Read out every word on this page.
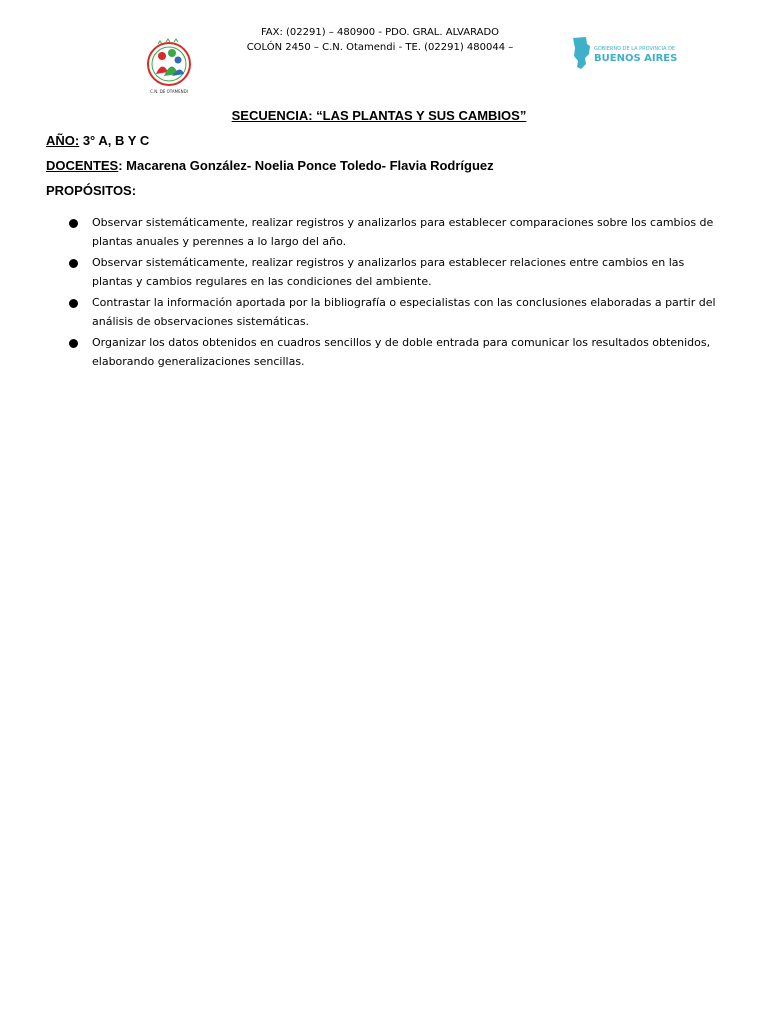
C.N. DE OTAMENDI
FAX: (02291) – 480900 - PDO. GRAL. ALVARADO
COLÓN 2450 – C.N. Otamendi - TE. (02291) 480044 –	GOBIERNO DE LA PROVINCIA DE
BUENOS AIRES
SECUENCIA: “LAS PLANTAS Y SUS CAMBIOS”
AÑO: 3° A, B Y C
DOCENTES: Macarena González- Noelia Ponce Toledo- Flavia Rodríguez
PROPÓSITOS:
Observar sistemáticamente, realizar registros y analizarlos para establecer comparaciones sobre los cambios de plantas anuales y perennes a lo largo del año.
Observar sistemáticamente, realizar registros y analizarlos para establecer relaciones entre cambios en las plantas y cambios regulares en las condiciones del ambiente.
Contrastar la información aportada por la bibliografía o especialistas con las conclusiones elaboradas a partir del análisis de observaciones sistemáticas.
Organizar los datos obtenidos en cuadros sencillos y de doble entrada para comunicar los resultados obtenidos, elaborando generalizaciones sencillas.
